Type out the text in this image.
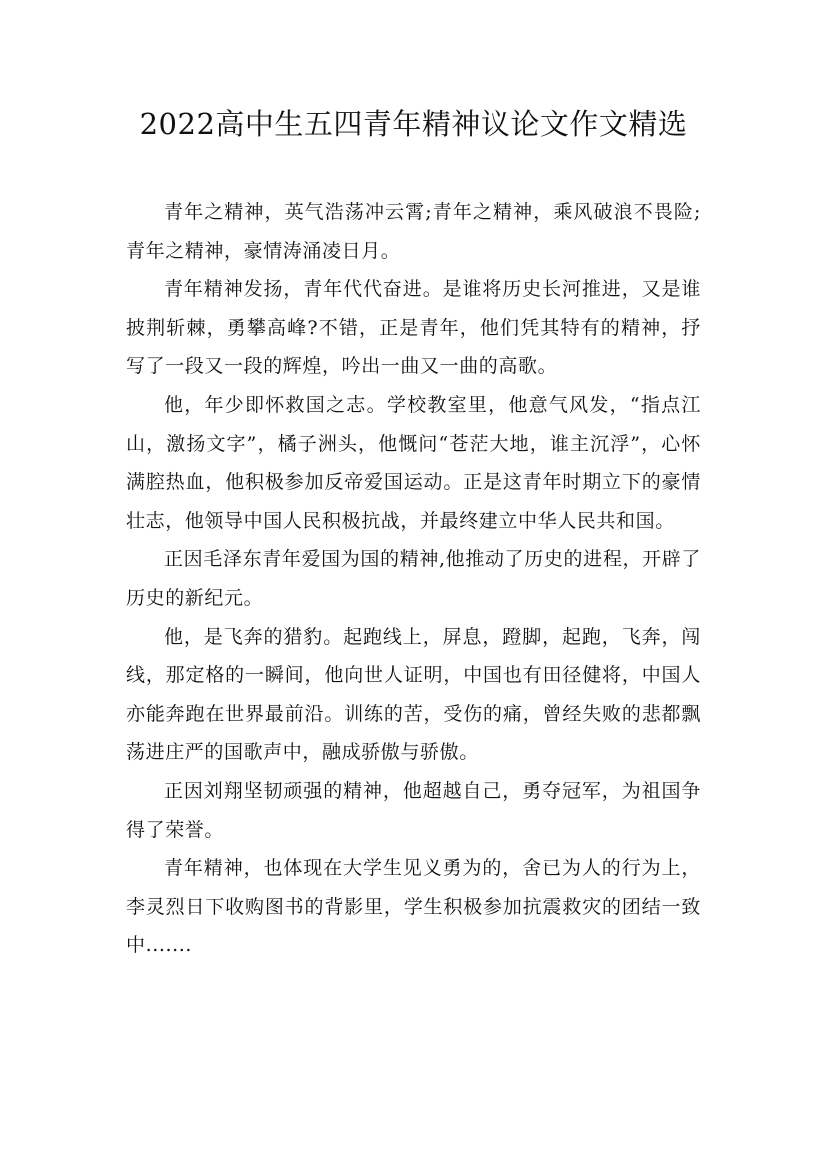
2022高中生五四青年精神议论文作文精选

青年之精神，英气浩荡冲云霄;青年之精神，乘风破浪不畏险;青年之精神，豪情涛涌凌日月。

青年精神发扬，青年代代奋进。是谁将历史长河推进，又是谁披荆斩棘，勇攀高峰?不错，正是青年，他们凭其特有的精神，抒写了一段又一段的辉煌，吟出一曲又一曲的高歌。

他，年少即怀救国之志。学校教室里，他意气风发，“指点江山，激扬文字”，橘子洲头，他慨问“苍茫大地，谁主沉浮”，心怀满腔热血，他积极参加反帝爱国运动。正是这青年时期立下的豪情壮志，他领导中国人民积极抗战，并最终建立中华人民共和国。

正因毛泽东青年爱国为国的精神,他推动了历史的进程，开辟了历史的新纪元。

他，是飞奔的猎豹。起跑线上，屏息，蹬脚，起跑，飞奔，闯线，那定格的一瞬间，他向世人证明，中国也有田径健将，中国人亦能奔跑在世界最前沿。训练的苦，受伤的痛，曾经失败的悲都飘荡进庄严的国歌声中，融成骄傲与骄傲。

正因刘翔坚韧顽强的精神，他超越自己，勇夺冠军，为祖国争得了荣誉。

青年精神，也体现在大学生见义勇为的，舍已为人的行为上，李灵烈日下收购图书的背影里，学生积极参加抗震救灾的团结一致中.......
